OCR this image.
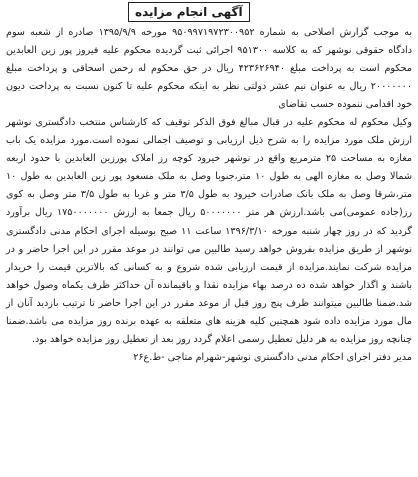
آگهی انجام مزایده

به موجب گزارش اصلاحی به شماره ۹۵۰۹۹۷۱۹۷۲۳۰۰۹۵۲ مورخه ۱۳۹۵/۹/۹ صادره از شعبه سوم دادگاه حقوقی نوشهر که به کلاسه ۹۵۱۳۰۰ اجرائی ثبت گردیده محکوم علیه فیروز پور زین العابدین محکوم است به پرداخت مبلغ ۴۲۳۶۲۶۹۴۰ ریال در حق محکوم له رحمن اسحاقی و پرداخت مبلغ ۲۰۰۰۰۰۰۰ ریال به عنوان نیم عشر دولتی نظر به اینکه محکوم علیه تا کنون نسبت به پرداخت دیون خود اقدامی ننموده حسب تقاضای

وکیل محکوم له محکوم علیه در قبال مبالغ فوق الذکر توقیف که کارشناس منتخب دادگستری نوشهر ارزش ملک مورد مزایده را به شرح ذیل ارزیابی و توصیف اجمالی نموده است.مورد مزایده یک باب مغازه به مساحت ۲۵ مترمربع واقع در نوشهر خیرود کوچه رز املاک پورزین العابدین با حدود اربعه شمالا وصل به مغازه الهی به طول ۱۰ متر،جنوبا وصل به ملک مسعود پور زین العابدین به طول ۱۰ متر،شرقا وصل به ملک بانک صادرات خیرود به طول ۳/۵ متر و غربا به طول ۳/۵ متر وصل به کوی رز(جاده عمومی)می باشد.ارزش هر متر ۵۰۰۰۰۰۰۰ ریال جمعا به ارزش ۱۷۵۰۰۰۰۰۰۰ ریال برآورد گردید که در روز چهار شنبه مورخه ۱۳۹۶/۳/۱۰ ساعت ۱۱ صبح بوسیله اجرای احکام مدنی دادگستری نوشهر از طریق مزایده بفروش خواهد رسید طالبین می توانند در موعد مقرر در این اجرا حاضر و در مزایده شرکت نمایند.مزایده از قیمت ارزیابی شده شروع و به کسانی که بالاترین قیمت را خریدار باشند و اگذار خواهد شده ده درصد بهاء مزایده نقدا و باقیمانده آن حداکثر ظرف یکماه وصول خواهد شد.ضمنا طالبین میتوانند ظرف پنج روز قبل از موعد مقرر در این اجرا حاضر تا ترتیب بازدید آنان از مال مورد مزایده داده شود همچنین کلیه هزینه های متعلقه به عهده برنده روز مزایده می باشد.ضمنا چنانچه روز مزایده به هر دلیل تعطیل رسمی اعلام گردد روز بعد از تعطیل روز مزایده خواهد بود.

مدیر دفتر اجرای احکام مدنی دادگستری نوشهر-شهرام متاجی -ط.ع۲۶
